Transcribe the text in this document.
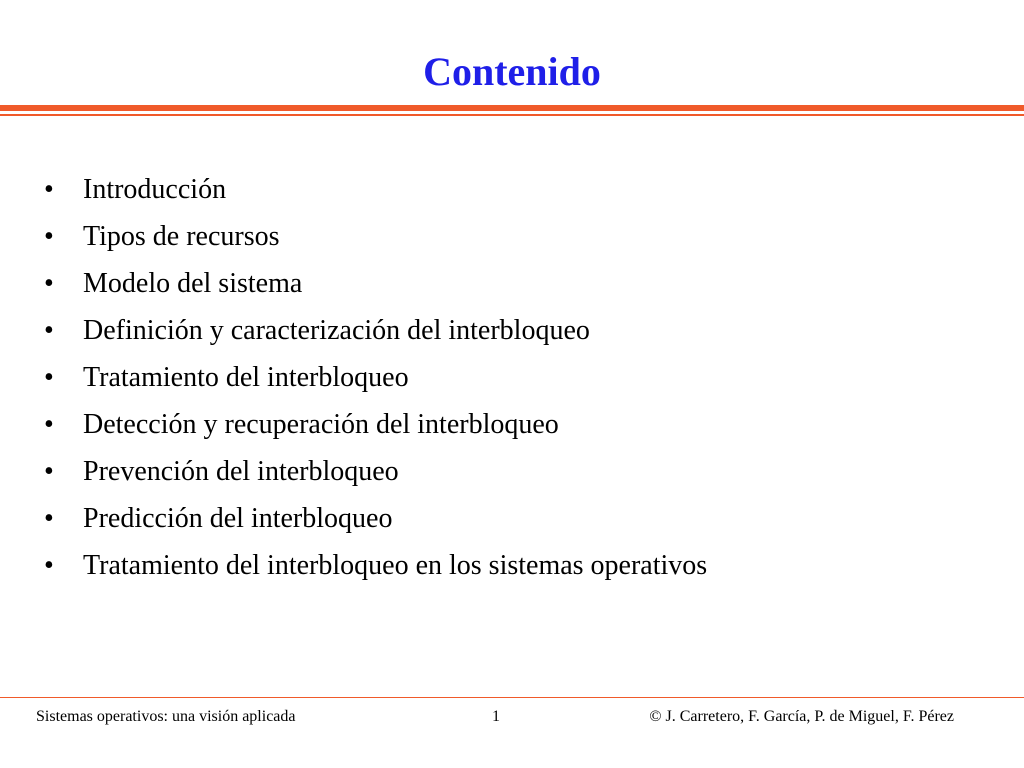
Contenido
• Introducción
• Tipos de recursos
• Modelo del sistema
• Definición y caracterización del interbloqueo
• Tratamiento del interbloqueo
• Detección y recuperación del interbloqueo
• Prevención del interbloqueo
• Predicción del interbloqueo
• Tratamiento del interbloqueo en los sistemas operativos
Sistemas operativos: una visión aplicada	1	© J. Carretero, F. García, P. de Miguel, F. Pérez
